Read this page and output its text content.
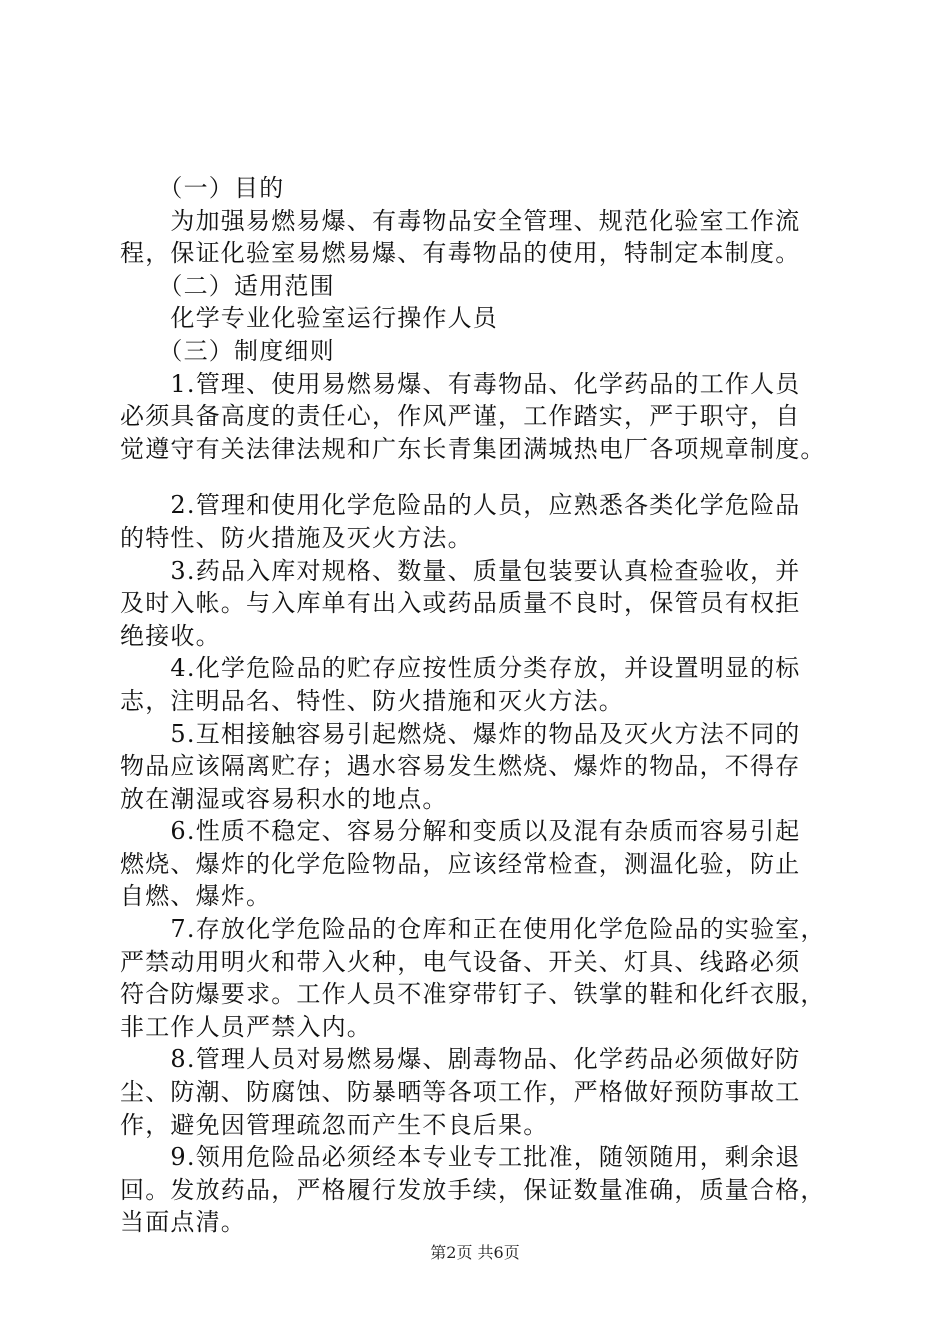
　　（一）目的
　　为加强易燃易爆、有毒物品安全管理、规范化验室工作流
程，保证化验室易燃易爆、有毒物品的使用，特制定本制度。
　　（二）适用范围
　　化学专业化验室运行操作人员
　　（三）制度细则
　　1.管理、使用易燃易爆、有毒物品、化学药品的工作人员
必须具备高度的责任心，作风严谨，工作踏实，严于职守，自
觉遵守有关法律法规和广东长青集团满城热电厂各项规章制度。
　　2.管理和使用化学危险品的人员，应熟悉各类化学危险品
的特性、防火措施及灭火方法。
　　3.药品入库对规格、数量、质量包装要认真检查验收，并
及时入帐。与入库单有出入或药品质量不良时，保管员有权拒
绝接收。
　　4.化学危险品的贮存应按性质分类存放，并设置明显的标
志，注明品名、特性、防火措施和灭火方法。
　　5.互相接触容易引起燃烧、爆炸的物品及灭火方法不同的
物品应该隔离贮存；遇水容易发生燃烧、爆炸的物品，不得存
放在潮湿或容易积水的地点。
　　6.性质不稳定、容易分解和变质以及混有杂质而容易引起
燃烧、爆炸的化学危险物品，应该经常检查，测温化验，防止
自燃、爆炸。
　　7.存放化学危险品的仓库和正在使用化学危险品的实验室，
严禁动用明火和带入火种，电气设备、开关、灯具、线路必须
符合防爆要求。工作人员不准穿带钉子、铁掌的鞋和化纤衣服，
非工作人员严禁入内。
　　8.管理人员对易燃易爆、剧毒物品、化学药品必须做好防
尘、防潮、防腐蚀、防暴晒等各项工作，严格做好预防事故工
作，避免因管理疏忽而产生不良后果。
　　9.领用危险品必须经本专业专工批准，随领随用，剩余退
回。发放药品，严格履行发放手续，保证数量准确，质量合格，
当面点清。
第2页 共6页
